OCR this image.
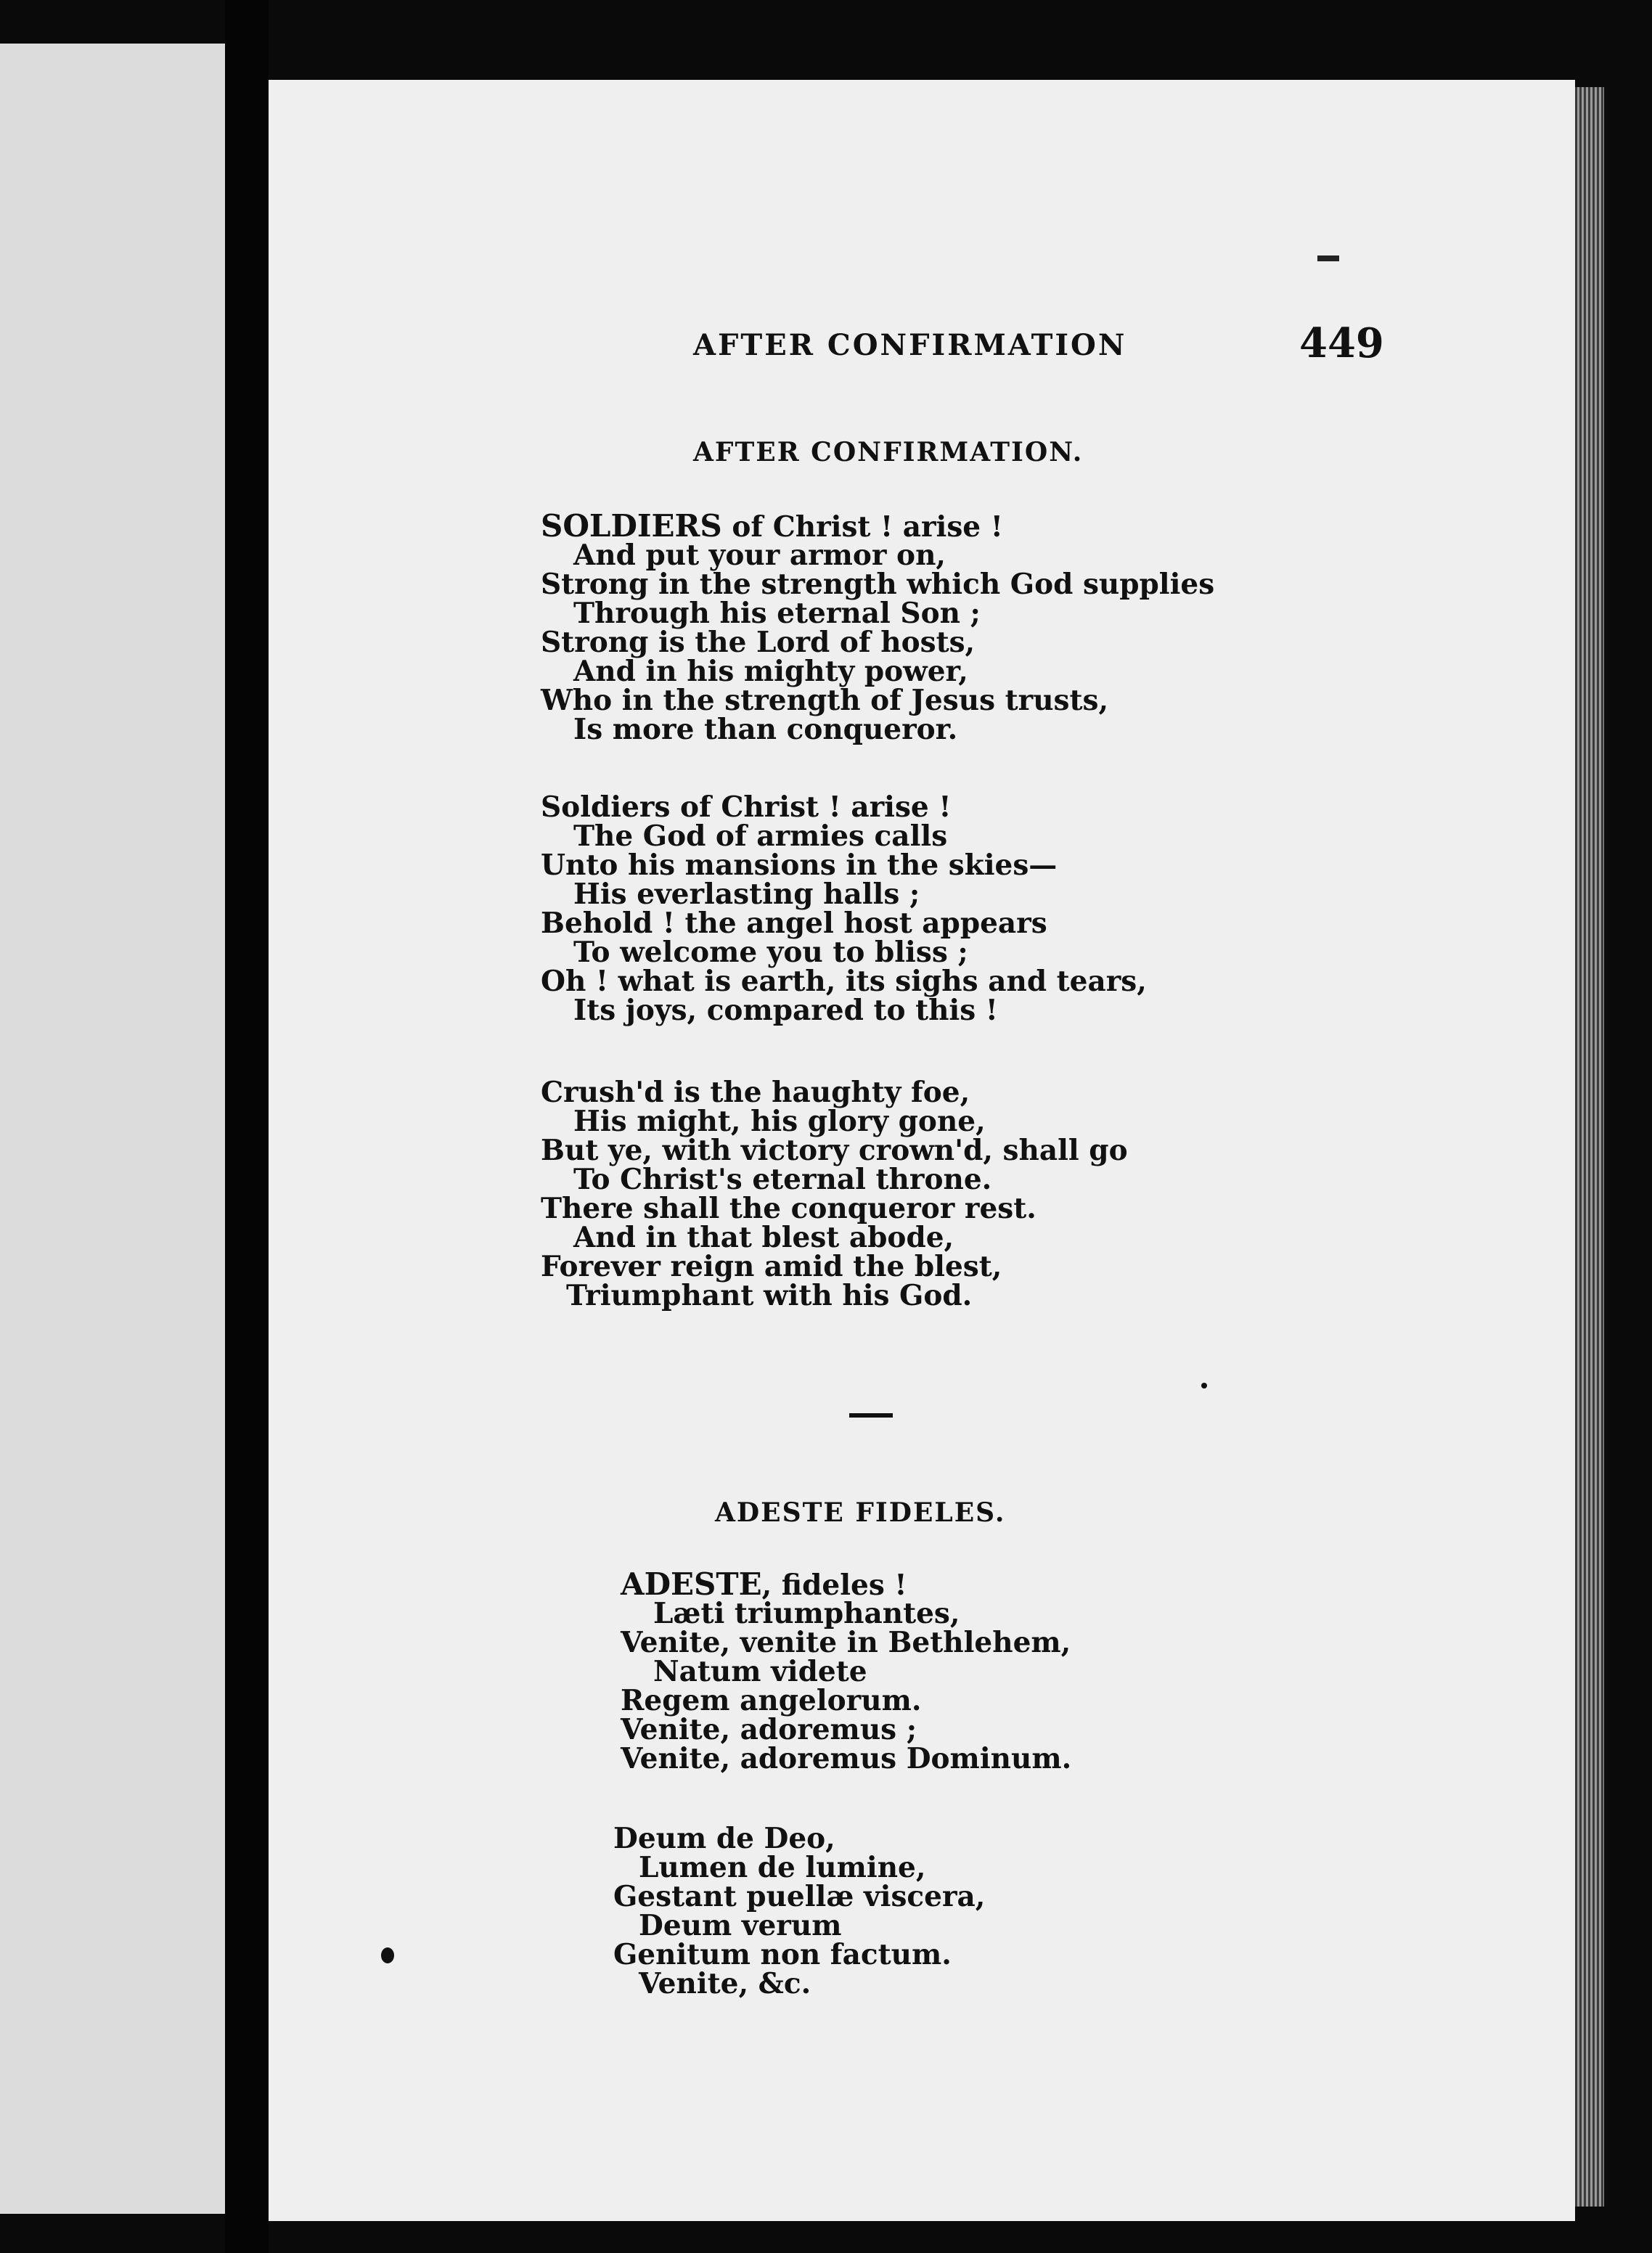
AFTER CONFIRMATION	449
AFTER CONFIRMATION.
SOLDIERS of Christ ! arise !
And put your armor on,
Strong in the strength which God supplies
Through his eternal Son ;
Strong is the Lord of hosts,
And in his mighty power,
Who in the strength of Jesus trusts,
Is more than conqueror.
Soldiers of Christ ! arise !
The God of armies calls
Unto his mansions in the skies—
His everlasting halls ;
Behold ! the angel host appears
To welcome you to bliss ;
Oh ! what is earth, its sighs and tears,
Its joys, compared to this !
Crush'd is the haughty foe,
His might, his glory gone,
But ye, with victory crown'd, shall go
To Christ's eternal throne.
There shall the conqueror rest.
And in that blest abode,
Forever reign amid the blest,
Triumphant with his God.
ADESTE FIDELES.
ADESTE, fideles !
Læti triumphantes,
Venite, venite in Bethlehem,
Natum videte
Regem angelorum.
Venite, adoremus ;
Venite, adoremus Dominum.
Deum de Deo,
Lumen de lumine,
Gestant puellæ viscera,
Deum verum
Genitum non factum.
Venite, &c.
